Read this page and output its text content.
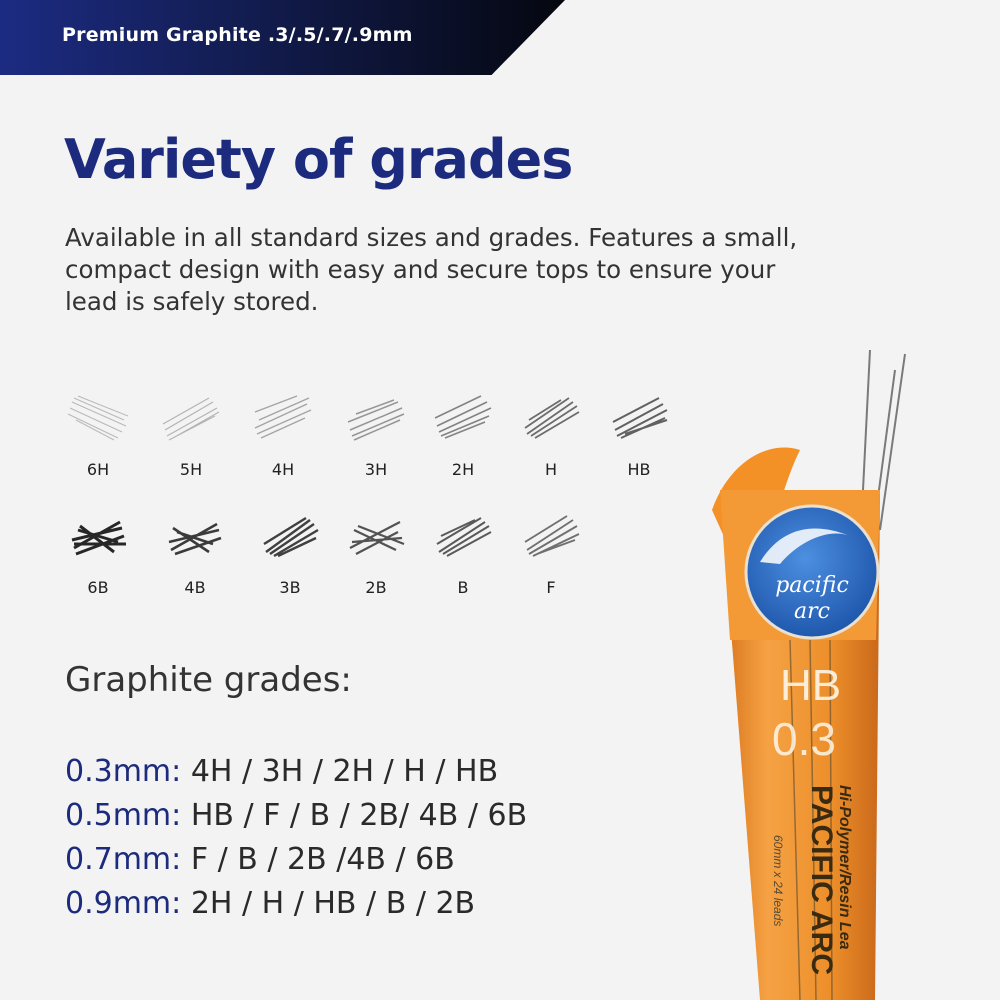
Premium Graphite .3/.5/.7/.9mm
Variety of grades
Available in all standard sizes and grades. Features a small, compact design with easy and secure tops to ensure your lead is safely stored.
6H	5H	4H	3H	2H	H	HB
6B	4B	3B	2B	B	F
Graphite grades:
0.3mm: 4H / 3H / 2H / H / HB
0.5mm: HB / F / B / 2B/ 4B / 6B
0.7mm: F / B / 2B /4B / 6B
0.9mm: 2H / H / HB / B / 2B
pacific
arc
HB
0.3
Hi-Polymer/Resin Lea
PACIFIC ARC
60mm x 24 leads
